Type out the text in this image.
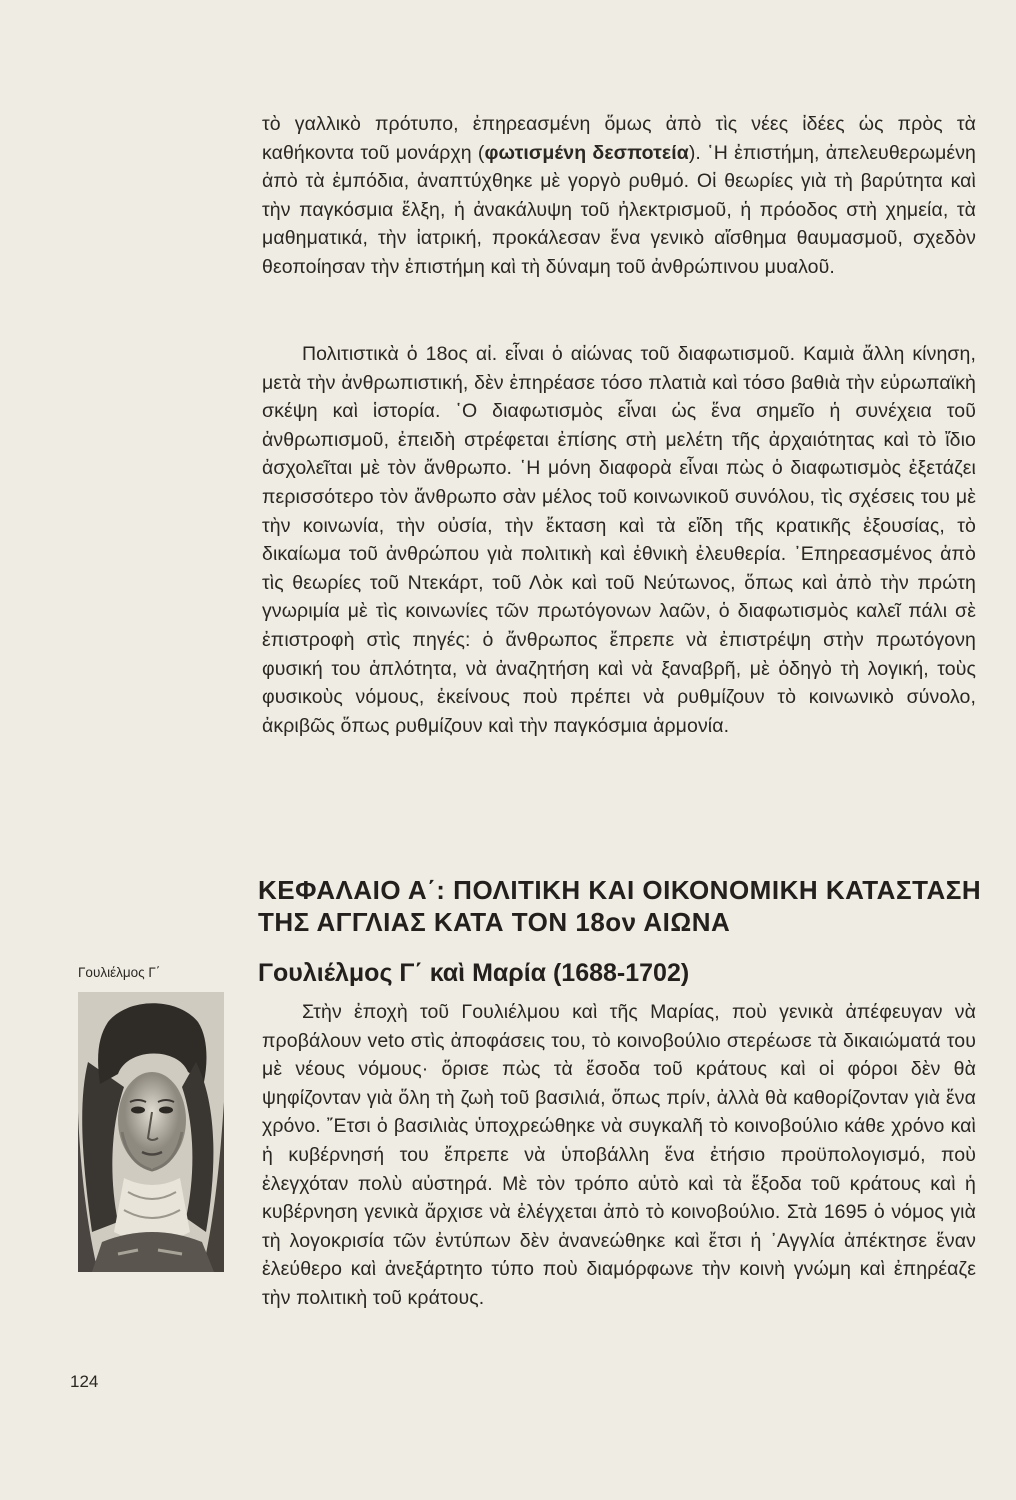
τὸ γαλλικὸ πρότυπο, ἐπηρεασμένη ὅμως ἀπὸ τὶς νέες ἰδέες ὡς πρὸς τὰ καθήκοντα τοῦ μονάρχη (φωτισμένη δεσποτεία). ῾Η ἐπιστήμη, ἀπελευθερωμένη ἀπὸ τὰ ἐμπόδια, ἀναπτύχθηκε μὲ γοργὸ ρυθμό. Οἱ θεωρίες γιὰ τὴ βαρύτητα καὶ τὴν παγκόσμια ἕλξη, ἡ ἀνακάλυψη τοῦ ἠλεκτρισμοῦ, ἡ πρόοδος στὴ χημεία, τὰ μαθηματικά, τὴν ἰατρική, προκάλεσαν ἕνα γενικὸ αἴσθημα θαυμασμοῦ, σχεδὸν θεοποίησαν τὴν ἐπιστήμη καὶ τὴ δύναμη τοῦ ἀνθρώπινου μυαλοῦ.

Πολιτιστικὰ ὁ 18ος αἰ. εἶναι ὁ αἰώνας τοῦ διαφωτισμοῦ. Καμιὰ ἄλλη κίνηση, μετὰ τὴν ἀνθρωπιστική, δὲν ἐπηρέασε τόσο πλατιὰ καὶ τόσο βαθιὰ τὴν εὐρωπαϊκὴ σκέψη καὶ ἱστορία. ῾Ο διαφωτισμὸς εἶναι ὡς ἕνα σημεῖο ἡ συνέχεια τοῦ ἀνθρωπισμοῦ, ἐπειδὴ στρέφεται ἐπίσης στὴ μελέτη τῆς ἀρχαιότητας καὶ τὸ ἴδιο ἀσχολεῖται μὲ τὸν ἄνθρωπο. ῾Η μόνη διαφορὰ εἶναι πὼς ὁ διαφωτισμὸς ἐξετάζει περισσότερο τὸν ἄνθρωπο σὰν μέλος τοῦ κοινωνικοῦ συνόλου, τὶς σχέσεις του μὲ τὴν κοινωνία, τὴν οὐσία, τὴν ἔκταση καὶ τὰ εἴδη τῆς κρατικῆς ἐξουσίας, τὸ δικαίωμα τοῦ ἀνθρώπου γιὰ πολιτικὴ καὶ ἐθνικὴ ἐλευθερία. ᾿Επηρεασμένος ἀπὸ τὶς θεωρίες τοῦ Ντεκάρτ, τοῦ Λὸκ καὶ τοῦ Νεύτωνος, ὅπως καὶ ἀπὸ τὴν πρώτη γνωριμία μὲ τὶς κοινωνίες τῶν πρωτόγονων λαῶν, ὁ διαφωτισμὸς καλεῖ πάλι σὲ ἐπιστροφὴ στὶς πηγές: ὁ ἄνθρωπος ἔπρεπε νὰ ἐπιστρέψη στὴν πρωτόγονη φυσική του ἁπλότητα, νὰ ἀναζητήση καὶ νὰ ξαναβρῆ, μὲ ὁδηγὸ τὴ λογική, τοὺς φυσικοὺς νόμους, ἐκείνους ποὺ πρέπει νὰ ρυθμίζουν τὸ κοινωνικὸ σύνολο, ἀκριβῶς ὅπως ρυθμίζουν καὶ τὴν παγκόσμια ἁρμονία.

ΚΕΦΑΛΑΙΟ Α΄: ΠΟΛΙΤΙΚΗ ΚΑΙ ΟΙΚΟΝΟΜΙΚΗ ΚΑΤΑΣΤΑΣΗ ΤΗΣ ΑΓΓΛΙΑΣ ΚΑΤΑ ΤΟΝ 18ον ΑΙΩΝΑ
Γουλιέλμος Γ΄ καὶ Μαρία (1688-1702)

Στὴν ἐποχὴ τοῦ Γουλιέλμου καὶ τῆς Μαρίας, ποὺ γενικὰ ἀπέφευγαν νὰ προβάλουν veto στὶς ἀποφάσεις του, τὸ κοινοβούλιο στερέωσε τὰ δικαιώματά του μὲ νέους νόμους· ὅρισε πὼς τὰ ἔσοδα τοῦ κράτους καὶ οἱ φόροι δὲν θὰ ψηφίζονταν γιὰ ὅλη τὴ ζωὴ τοῦ βασιλιά, ὅπως πρίν, ἀλλὰ θὰ καθορίζονταν γιὰ ἕνα χρόνο. ῎Ετσι ὁ βασιλιὰς ὑποχρεώθηκε νὰ συγκαλῆ τὸ κοινοβούλιο κάθε χρόνο καὶ ἡ κυβέρνησή του ἔπρεπε νὰ ὑποβάλλη ἕνα ἐτήσιο προϋπολογισμό, ποὺ ἐλεγχόταν πολὺ αὐστηρά. Μὲ τὸν τρόπο αὐτὸ καὶ τὰ ἔξοδα τοῦ κράτους καὶ ἡ κυβέρνηση γενικὰ ἄρχισε νὰ ἐλέγχεται ἀπὸ τὸ κοινοβούλιο. Στὰ 1695 ὁ νόμος γιὰ τὴ λογοκρισία τῶν ἐντύπων δὲν ἀνανεώθηκε καὶ ἔτσι ἡ ᾿Αγγλία ἀπέκτησε ἕναν ἐλεύθερο καὶ ἀνεξάρτητο τύπο ποὺ διαμόρφωνε τὴν κοινὴ γνώμη καὶ ἐπηρέαζε τὴν πολιτικὴ τοῦ κράτους.

Γουλιέλμος Γ΄
124
